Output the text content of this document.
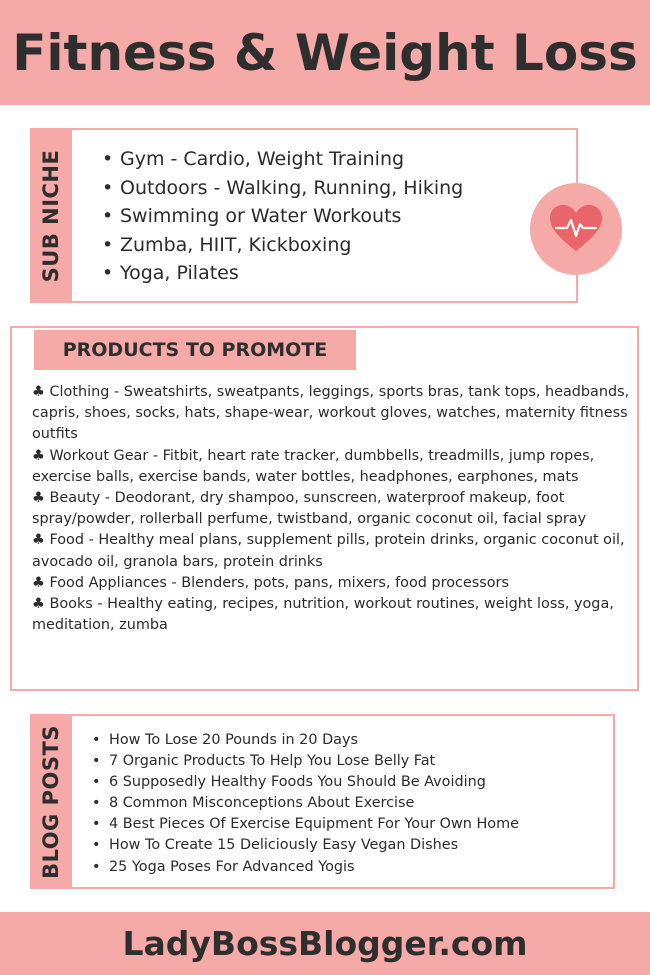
Fitness & Weight Loss
SUB NICHE	• Gym - Cardio, Weight Training
• Outdoors - Walking, Running, Hiking
• Swimming or Water Workouts
• Zumba, HIIT, Kickboxing
• Yoga, Pilates
PRODUCTS TO PROMOTE
♣ Clothing - Sweatshirts, sweatpants, leggings, sports bras, tank tops, headbands, capris, shoes, socks, hats, shape-wear, workout gloves, watches, maternity fitness outfits
♣ Workout Gear - Fitbit, heart rate tracker, dumbbells, treadmills, jump ropes, exercise balls, exercise bands, water bottles, headphones, earphones, mats
♣ Beauty - Deodorant, dry shampoo, sunscreen, waterproof makeup, foot spray/powder, rollerball perfume, twistband, organic coconut oil, facial spray
♣ Food - Healthy meal plans, supplement pills, protein drinks, organic coconut oil, avocado oil, granola bars, protein drinks
♣ Food Appliances - Blenders, pots, pans, mixers, food processors
♣ Books - Healthy eating, recipes, nutrition, workout routines, weight loss, yoga, meditation, zumba
BLOG POSTS	• How To Lose 20 Pounds in 20 Days
• 7 Organic Products To Help You Lose Belly Fat
• 6 Supposedly Healthy Foods You Should Be Avoiding
• 8 Common Misconceptions About Exercise
• 4 Best Pieces Of Exercise Equipment For Your Own Home
• How To Create 15 Deliciously Easy Vegan Dishes
• 25 Yoga Poses For Advanced Yogis
LadyBossBlogger.com
